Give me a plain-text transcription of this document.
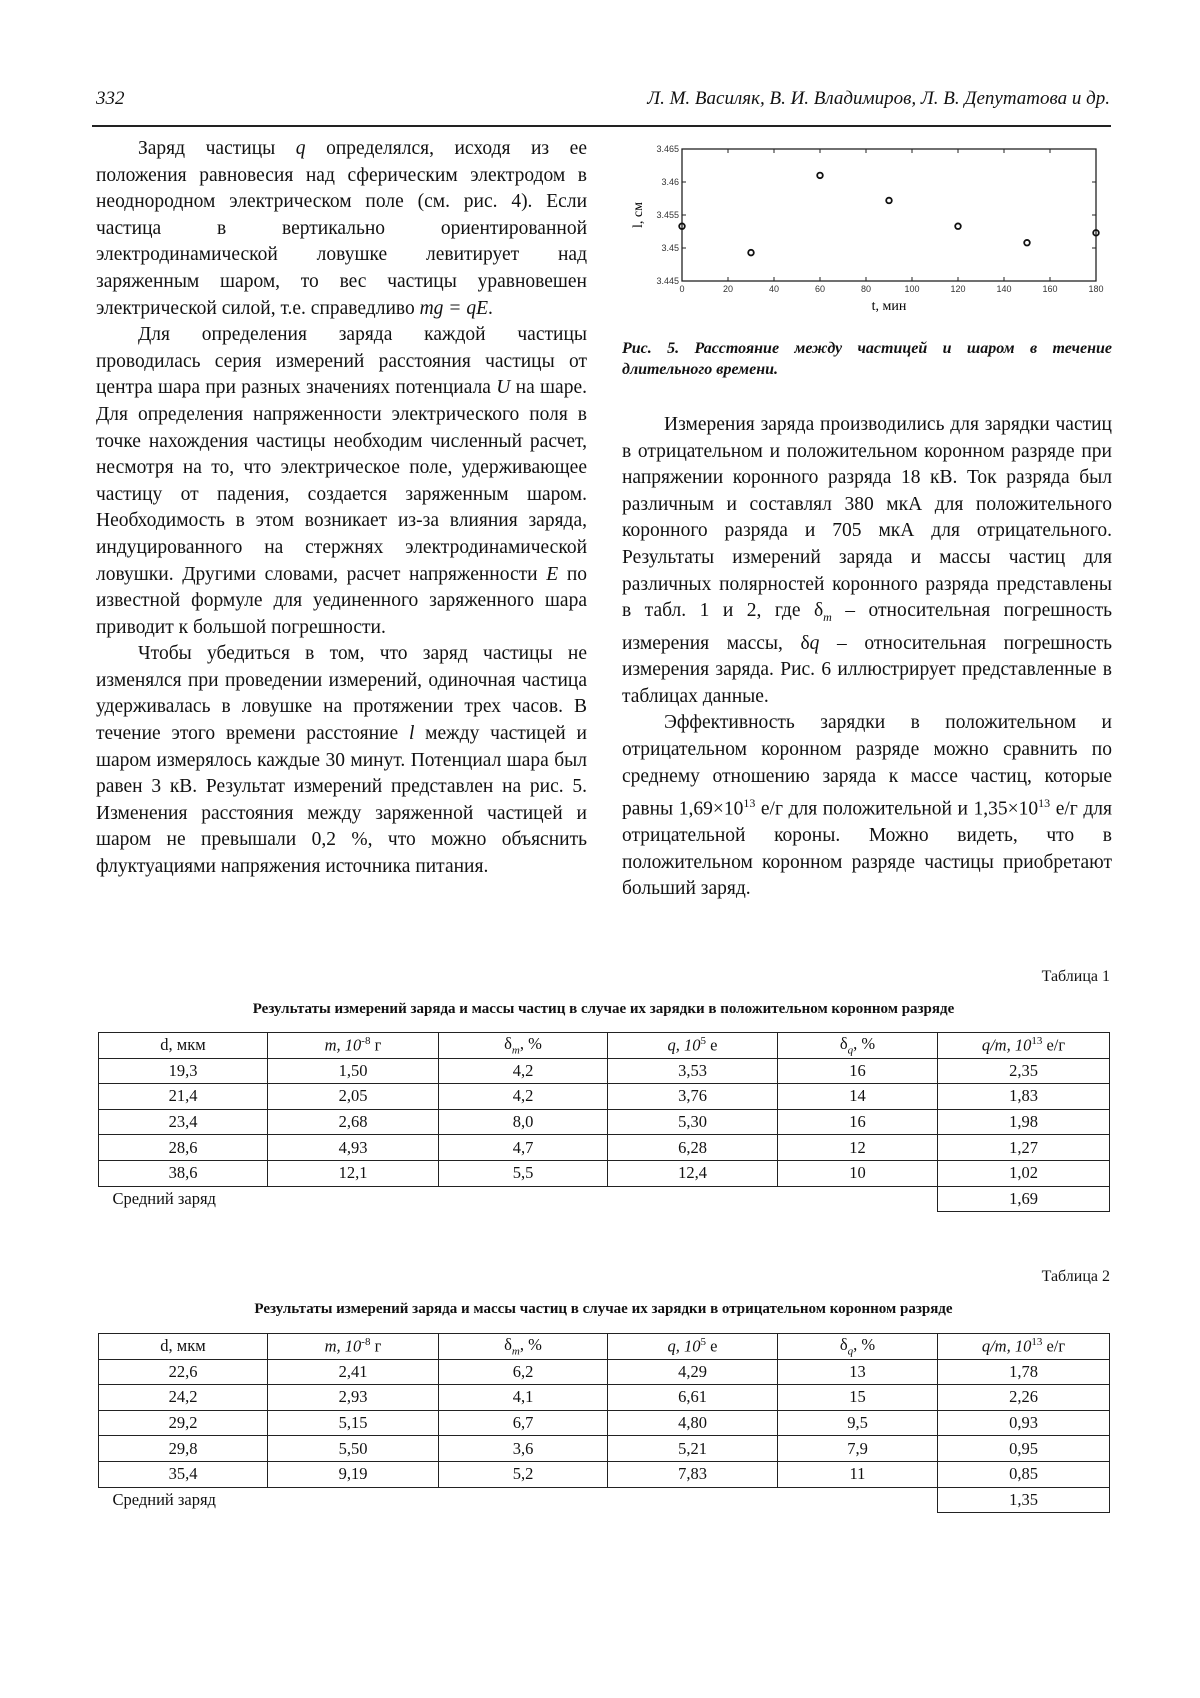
332	Л. М. Василяк, В. И. Владимиров, Л. В. Депутатова и др.

Заряд частицы q определялся, исходя из ее положения равновесия над сферическим электродом в неоднородном электрическом поле (см. рис. 4). Если частица в вертикально ориентированной электродинамической ловушке левитирует над заряженным шаром, то вес частицы уравновешен электрической силой, т.е. справедливо mg = qE.

Для определения заряда каждой частицы проводилась серия измерений расстояния частицы от центра шара при разных значениях потенциала U на шаре. Для определения напряженности электрического поля в точке нахождения частицы необходим численный расчет, несмотря на то, что электрическое поле, удерживающее частицу от падения, создается заряженным шаром. Необходимость в этом возникает из-за влияния заряда, индуцированного на стержнях электродинамической ловушки. Другими словами, расчет напряженности E по известной формуле для уединенного заряженного шара приводит к большой погрешности.

Чтобы убедиться в том, что заряд частицы не изменялся при проведении измерений, одиночная частица удерживалась в ловушке на протяжении трех часов. В течение этого времени расстояние l между частицей и шаром измерялось каждые 30 минут. Потенциал шара был равен 3 кВ. Результат измерений представлен на рис. 5. Изменения расстояния между заряженной частицей и шаром не превышали 0,2 %, что можно объяснить флуктуациями напряжения источника питания.

0	20	40	60	80	100	120	140	160	180
3.445
3.45
3.455
3.46
3.465
t, мин
l, см
Рис. 5. Расстояние между частицей и шаром в течение длительного времени.

Измерения заряда производились для зарядки частиц в отрицательном и положительном коронном разряде при напряжении коронного разряда 18 кВ. Ток разряда был различным и составлял 380 мкА для положительного коронного разряда и 705 мкА для отрицательного. Результаты измерений заряда и массы частиц для различных полярностей коронного разряда представлены в табл. 1 и 2, где $\delta_m$ – относительная погрешность измерения массы, δq – относительная погрешность измерения заряда. Рис. 6 иллюстрирует представленные в таблицах данные.

Эффективность зарядки в положительном и отрицательном коронном разряде можно сравнить по среднему отношению заряда к массе частиц, которые равны $1,69\times 10^{13}$ е/г для положительной и $1,35\times 10^{13}$ е/г для отрицательной короны. Можно видеть, что в положительном коронном разряде частицы приобретают больший заряд.

Таблица 1
Результаты измерений заряда и массы частиц в случае их зарядки в положительном коронном разряде
d, мкм	m, $10^{-8}$ г	$\delta_m$, %	q, $10^5$ е	$\delta_q$, %	q/m, $10^{13}$ е/г
19,3	1,50	4,2	3,53	16	2,35
21,4	2,05	4,2	3,76	14	1,83
23,4	2,68	8,0	5,30	16	1,98
28,6	4,93	4,7	6,28	12	1,27
38,6	12,1	5,5	12,4	10	1,02
Средний заряд					1,69
Таблица 2
Результаты измерений заряда и массы частиц в случае их зарядки в отрицательном коронном разряде
d, мкм	m, $10^{-8}$ г	$\delta_m$, %	q, $10^5$ е	$\delta_q$, %	q/m, $10^{13}$ е/г
22,6	2,41	6,2	4,29	13	1,78
24,2	2,93	4,1	6,61	15	2,26
29,2	5,15	6,7	4,80	9,5	0,93
29,8	5,50	3,6	5,21	7,9	0,95
35,4	9,19	5,2	7,83	11	0,85
Средний заряд					1,35
